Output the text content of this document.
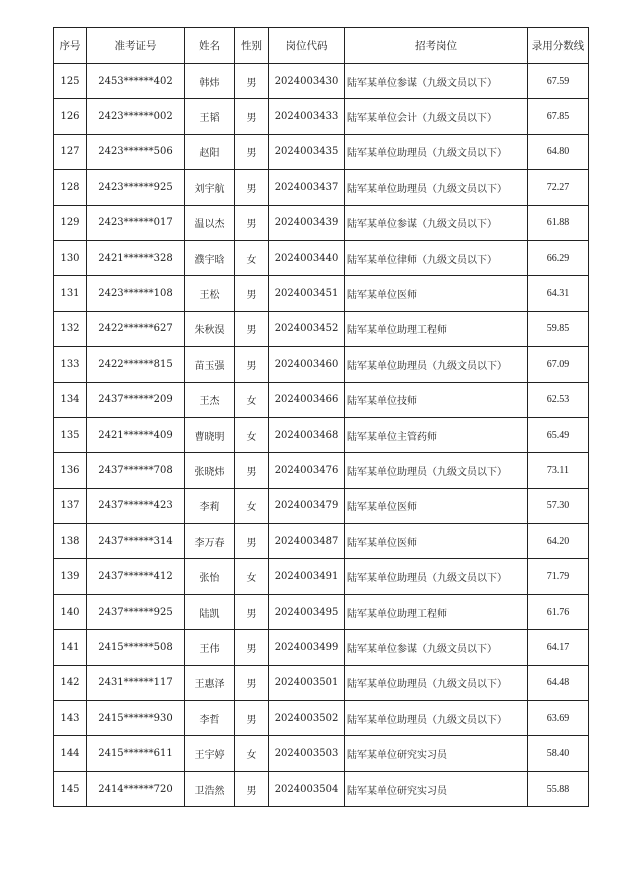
序号	准考证号	姓名	性别	岗位代码	招考岗位	录用分数线
125	2453******402	韩炜	男	2024003430	陆军某单位参谋（九级文员以下）	67.59
126	2423******002	王韬	男	2024003433	陆军某单位会计（九级文员以下）	67.85
127	2423******506	赵阳	男	2024003435	陆军某单位助理员（九级文员以下）	64.80
128	2423******925	刘宇航	男	2024003437	陆军某单位助理员（九级文员以下）	72.27
129	2423******017	温以杰	男	2024003439	陆军某单位参谋（九级文员以下）	61.88
130	2421******328	濮宇晗	女	2024003440	陆军某单位律师（九级文员以下）	66.29
131	2423******108	王松	男	2024003451	陆军某单位医师	64.31
132	2422******627	朱秋淏	男	2024003452	陆军某单位助理工程师	59.85
133	2422******815	苗玉强	男	2024003460	陆军某单位助理员（九级文员以下）	67.09
134	2437******209	王杰	女	2024003466	陆军某单位技师	62.53
135	2421******409	曹晓明	女	2024003468	陆军某单位主管药师	65.49
136	2437******708	张晓炜	男	2024003476	陆军某单位助理员（九级文员以下）	73.11
137	2437******423	李莉	女	2024003479	陆军某单位医师	57.30
138	2437******314	李万春	男	2024003487	陆军某单位医师	64.20
139	2437******412	张怡	女	2024003491	陆军某单位助理员（九级文员以下）	71.79
140	2437******925	陆凯	男	2024003495	陆军某单位助理工程师	61.76
141	2415******508	王伟	男	2024003499	陆军某单位参谋（九级文员以下）	64.17
142	2431******117	王惠泽	男	2024003501	陆军某单位助理员（九级文员以下）	64.48
143	2415******930	李哲	男	2024003502	陆军某单位助理员（九级文员以下）	63.69
144	2415******611	王宇婷	女	2024003503	陆军某单位研究实习员	58.40
145	2414******720	卫浩然	男	2024003504	陆军某单位研究实习员	55.88
